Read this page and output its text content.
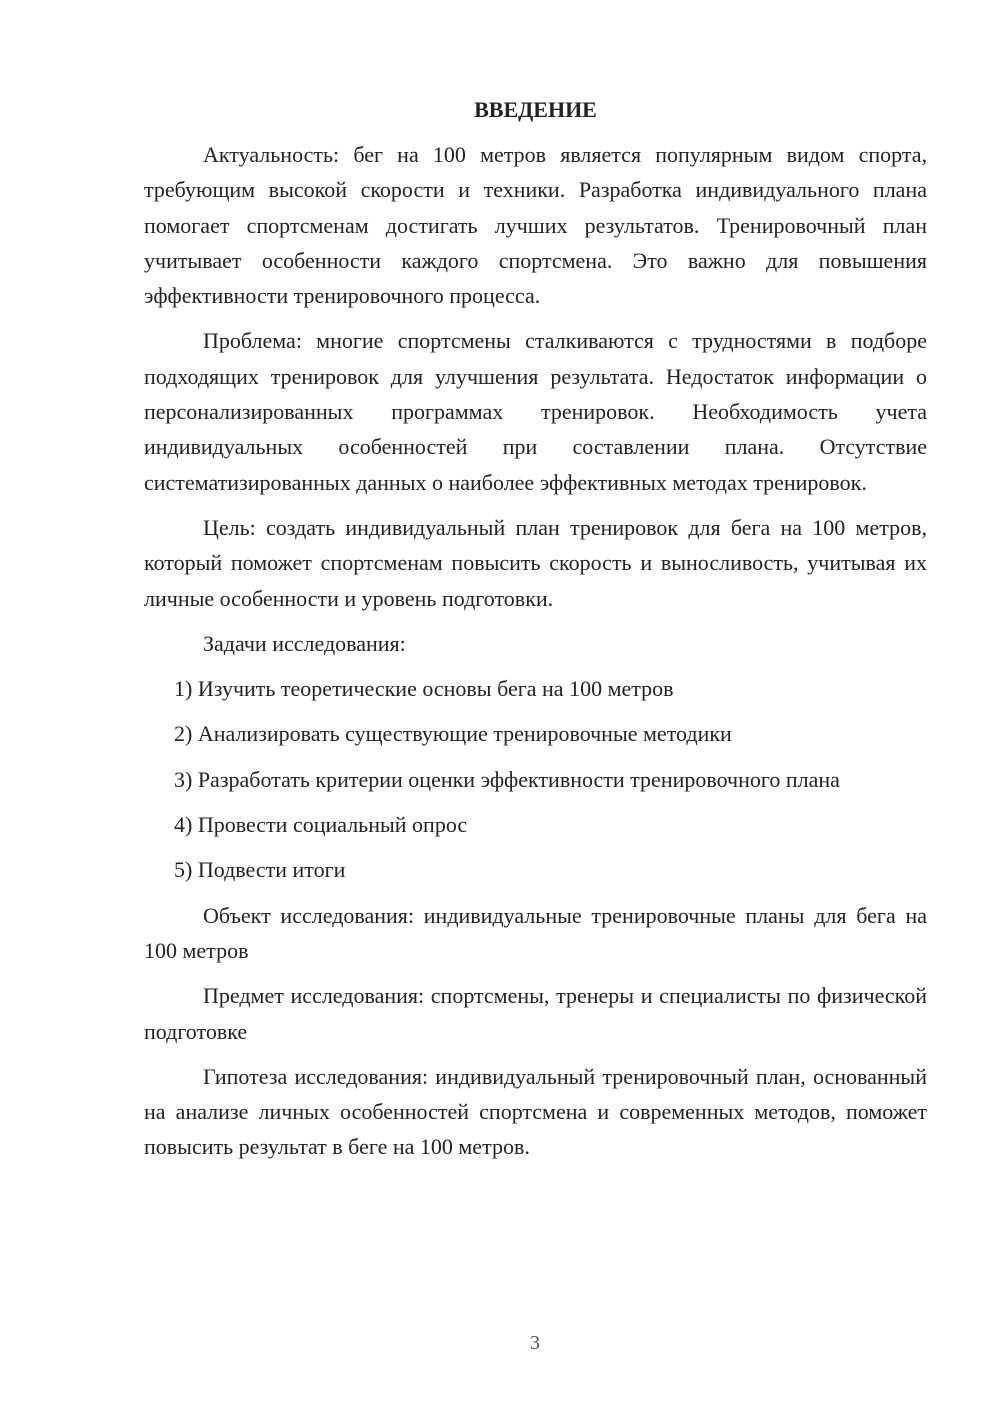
ВВЕДЕНИЕ

Актуальность: бег на 100 метров является популярным видом спорта, требующим высокой скорости и техники. Разработка индивидуального плана помогает спортсменам достигать лучших результатов. Тренировочный план учитывает особенности каждого спортсмена. Это важно для повышения эффективности тренировочного процесса.

Проблема: многие спортсмены сталкиваются с трудностями в подборе подходящих тренировок для улучшения результата. Недостаток информации о персонализированных программах тренировок. Необходимость учета индивидуальных особенностей при составлении плана. Отсутствие систематизированных данных о наиболее эффективных методах тренировок.

Цель: создать индивидуальный план тренировок для бега на 100 метров, который поможет спортсменам повысить скорость и выносливость, учитывая их личные особенности и уровень подготовки.

Задачи исследования:

1) Изучить теоретические основы бега на 100 метров

2) Анализировать существующие тренировочные методики

3) Разработать критерии оценки эффективности тренировочного плана

4) Провести социальный опрос

5) Подвести итоги

Объект исследования: индивидуальные тренировочные планы для бега на 100 метров

Предмет исследования: спортсмены, тренеры и специалисты по физической подготовке

Гипотеза исследования: индивидуальный тренировочный план, основанный на анализе личных особенностей спортсмена и современных методов, поможет повысить результат в беге на 100 метров.

3
